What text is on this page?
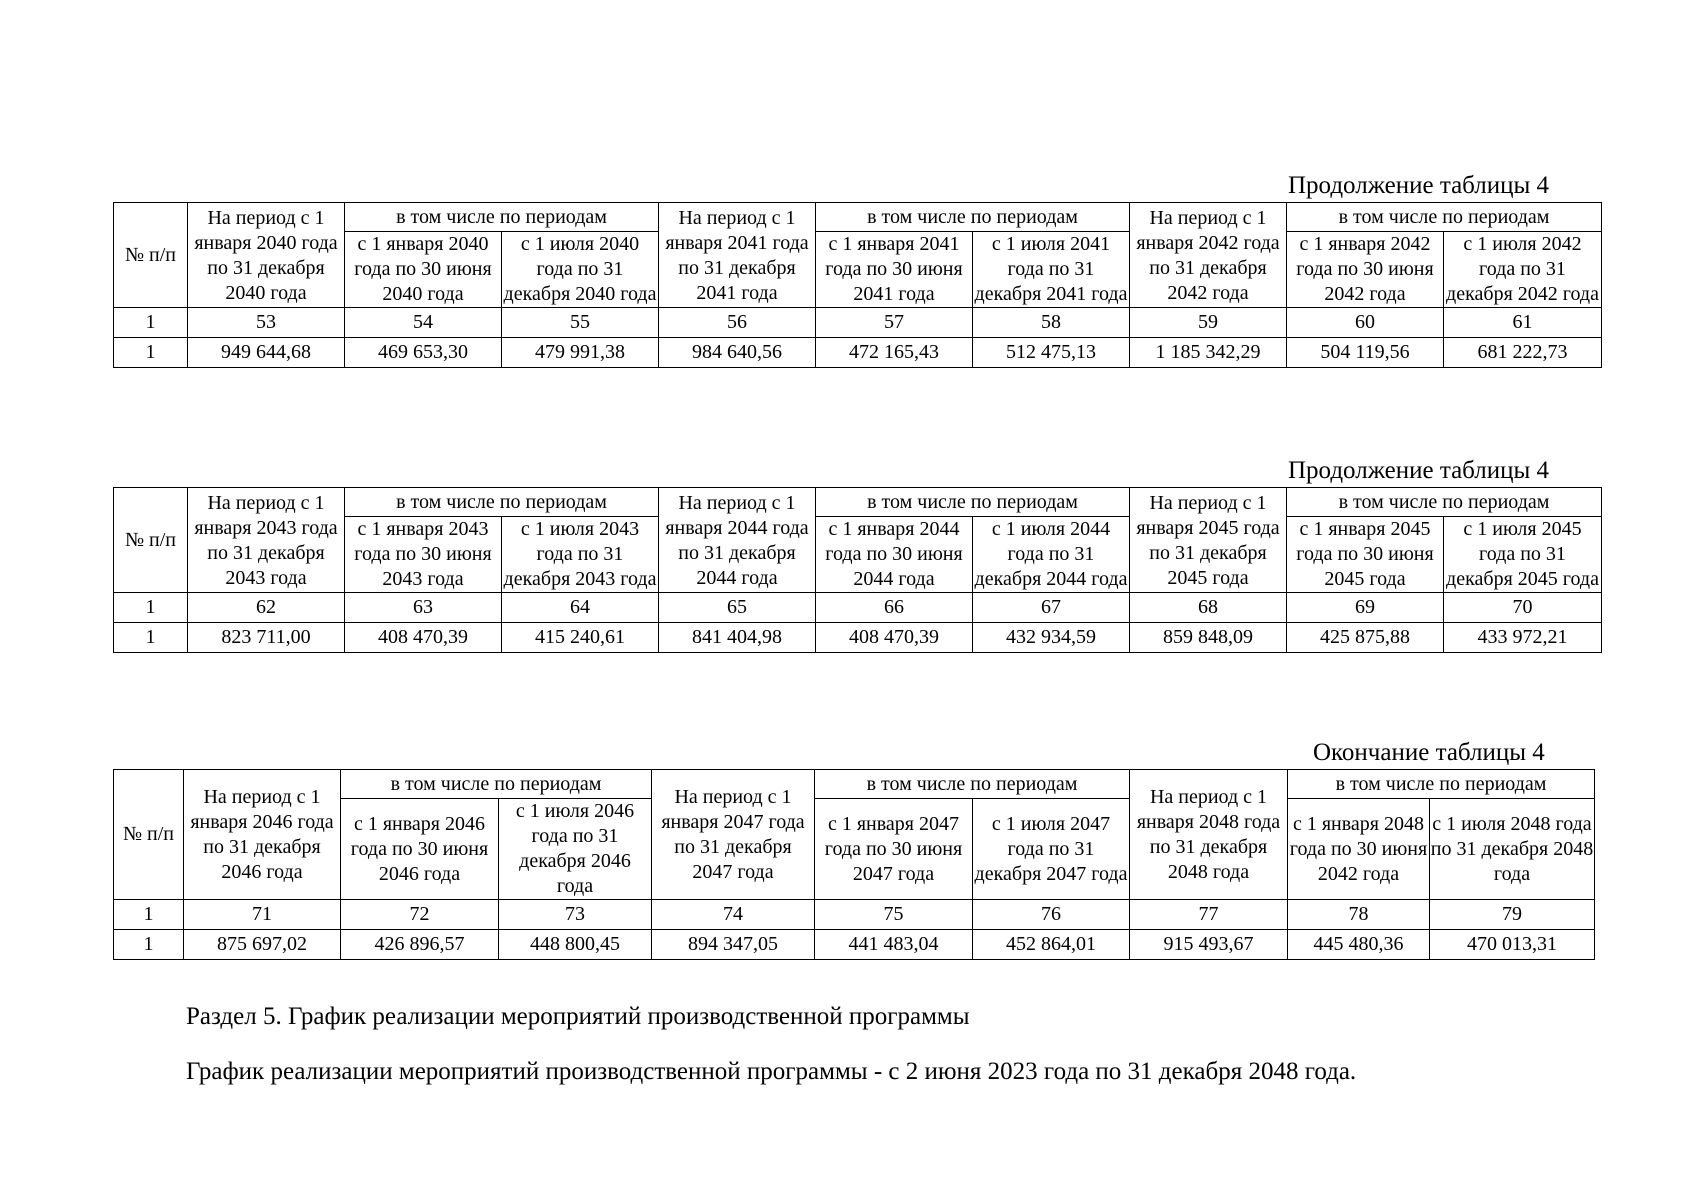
Продолжение таблицы 4
№ п/п	На период с 1 января 2040 года по 31 декабря 2040 года	в том числе по периодам		На период с 1 января 2041 года по 31 декабря 2041 года	в том числе по периодам		На период с 1 января 2042 года по 31 декабря 2042 года	в том числе по периодам	
		с 1 января 2040 года по 30 июня 2040 года	с 1 июля 2040 года по 31 декабря 2040 года		с 1 января 2041 года по 30 июня 2041 года	с 1 июля 2041 года по 31 декабря 2041 года		с 1 января 2042 года по 30 июня 2042 года	с 1 июля 2042 года по 31 декабря 2042 года
1	53	54	55	56	57	58	59	60	61
1	949 644,68	469 653,30	479 991,38	984 640,56	472 165,43	512 475,13	1 185 342,29	504 119,56	681 222,73
Продолжение таблицы 4
№ п/п	На период с 1 января 2043 года по 31 декабря 2043 года	в том числе по периодам		На период с 1 января 2044 года по 31 декабря 2044 года	в том числе по периодам		На период с 1 января 2045 года по 31 декабря 2045 года	в том числе по периодам	
		с 1 января 2043 года по 30 июня 2043 года	с 1 июля 2043 года по 31 декабря 2043 года		с 1 января 2044 года по 30 июня 2044 года	с 1 июля 2044 года по 31 декабря 2044 года		с 1 января 2045 года по 30 июня 2045 года	с 1 июля 2045 года по 31 декабря 2045 года
1	62	63	64	65	66	67	68	69	70
1	823 711,00	408 470,39	415 240,61	841 404,98	408 470,39	432 934,59	859 848,09	425 875,88	433 972,21
Окончание таблицы 4
№ п/п	На период с 1 января 2046 года по 31 декабря 2046 года	в том числе по периодам		На период с 1 января 2047 года по 31 декабря 2047 года	в том числе по периодам		На период с 1 января 2048 года по 31 декабря 2048 года	в том числе по периодам	
		с 1 января 2046 года по 30 июня 2046 года	с 1 июля 2046 года по 31 декабря 2046 года		с 1 января 2047 года по 30 июня 2047 года	с 1 июля 2047 года по 31 декабря 2047 года		с 1 января 2048 года по 30 июня 2042 года	с 1 июля 2048 года по 31 декабря 2048 года
1	71	72	73	74	75	76	77	78	79
1	875 697,02	426 896,57	448 800,45	894 347,05	441 483,04	452 864,01	915 493,67	445 480,36	470 013,31
Раздел 5. График реализации мероприятий производственной программы
График реализации мероприятий производственной программы - с 2 июня 2023 года по 31 декабря 2048 года.
